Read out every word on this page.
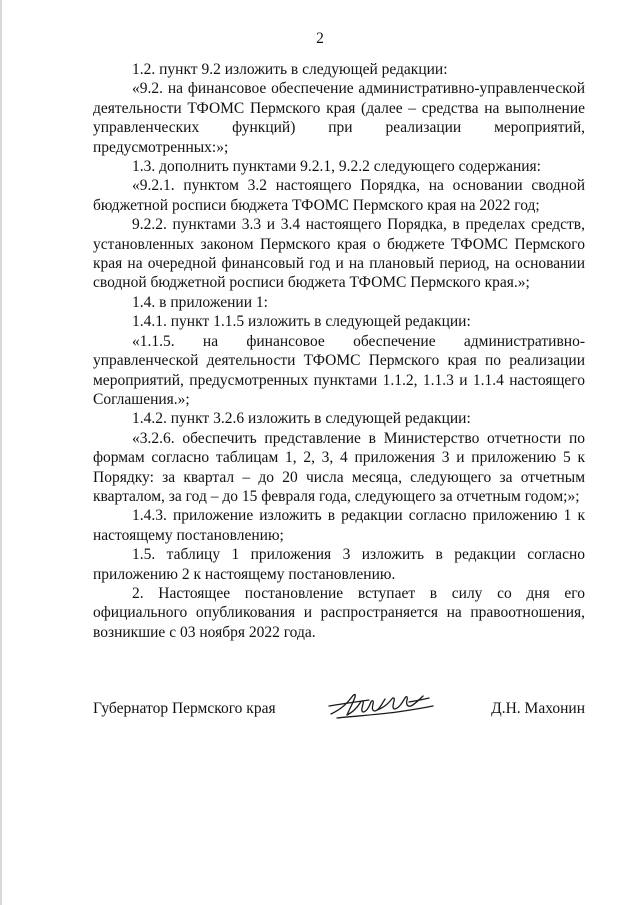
2

1.2. пункт 9.2 изложить в следующей редакции:

«9.2. на финансовое обеспечение административно-управленческой деятельности ТФОМС Пермского края (далее – средства на выполнение управленческих функций) при реализации мероприятий, предусмотренных:»;

1.3. дополнить пунктами 9.2.1, 9.2.2 следующего содержания:

«9.2.1. пунктом 3.2 настоящего Порядка, на основании сводной бюджетной росписи бюджета ТФОМС Пермского края на 2022 год;

9.2.2. пунктами 3.3 и 3.4 настоящего Порядка, в пределах средств, установленных законом Пермского края о бюджете ТФОМС Пермского края на очередной финансовый год и на плановый период, на основании сводной бюджетной росписи бюджета ТФОМС Пермского края.»;

1.4. в приложении 1:

1.4.1. пункт 1.1.5 изложить в следующей редакции:

«1.1.5. на финансовое обеспечение административно-управленческой деятельности ТФОМС Пермского края по реализации мероприятий, предусмотренных пунктами 1.1.2, 1.1.3 и 1.1.4 настоящего Соглашения.»;

1.4.2. пункт 3.2.6 изложить в следующей редакции:

«3.2.6. обеспечить представление в Министерство отчетности по формам согласно таблицам 1, 2, 3, 4 приложения 3 и приложению 5 к Порядку: за квартал – до 20 числа месяца, следующего за отчетным кварталом, за год – до 15 февраля года, следующего за отчетным годом;»;

1.4.3. приложение изложить в редакции согласно приложению 1 к настоящему постановлению;

1.5. таблицу 1 приложения 3 изложить в редакции согласно приложению 2 к настоящему постановлению.

2. Настоящее постановление вступает в силу со дня его официального опубликования и распространяется на правоотношения, возникшие с 03 ноября 2022 года.

Губернатор Пермского края	Д.Н. Махонин
